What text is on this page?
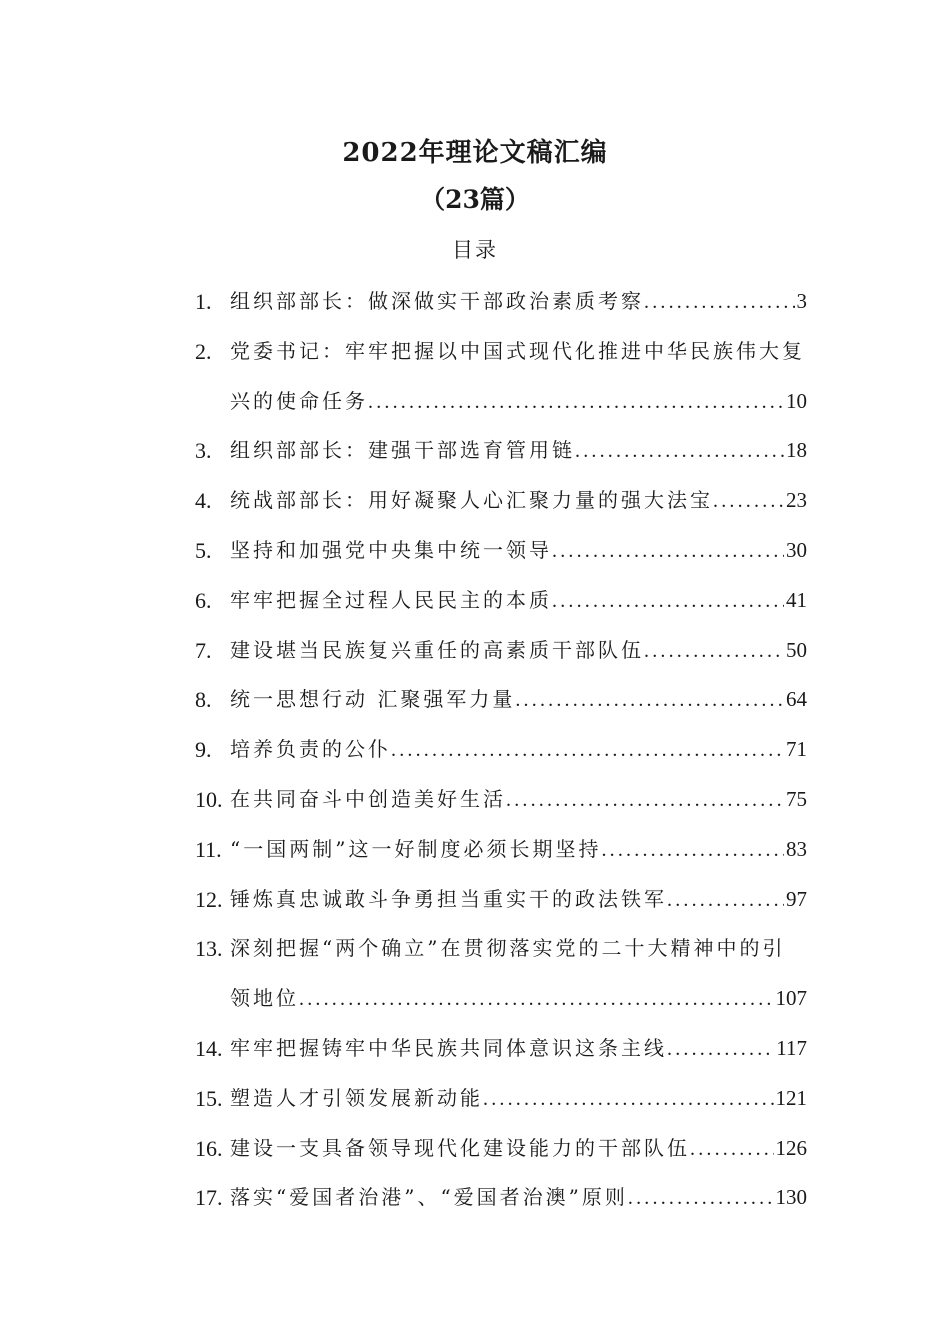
2022年理论文稿汇编
（23篇）
目录
1. 组织部部长：做深做实干部政治素质考察 .....	3
2. 党委书记：牢牢把握以中国式现代化推进中华民族伟大复
兴的使命任务 .....	10
3. 组织部部长：建强干部选育管用链 .....	18
4. 统战部部长：用好凝聚人心汇聚力量的强大法宝 .....	23
5. 坚持和加强党中央集中统一领导 .....	30
6. 牢牢把握全过程人民民主的本质 .....	41
7. 建设堪当民族复兴重任的高素质干部队伍 .....	50
8. 统一思想行动 汇聚强军力量 .....	64
9. 培养负责的公仆 .....	71
10. 在共同奋斗中创造美好生活 .....	75
11. “一国两制”这一好制度必须长期坚持 .....	83
12. 锤炼真忠诚敢斗争勇担当重实干的政法铁军 .....	97
13. 深刻把握“两个确立”在贯彻落实党的二十大精神中的引
领地位 .....	107
14. 牢牢把握铸牢中华民族共同体意识这条主线 .....	117
15. 塑造人才引领发展新动能 .....	121
16. 建设一支具备领导现代化建设能力的干部队伍 .....	126
17. 落实“爱国者治港”、“爱国者治澳”原则 .....	130
